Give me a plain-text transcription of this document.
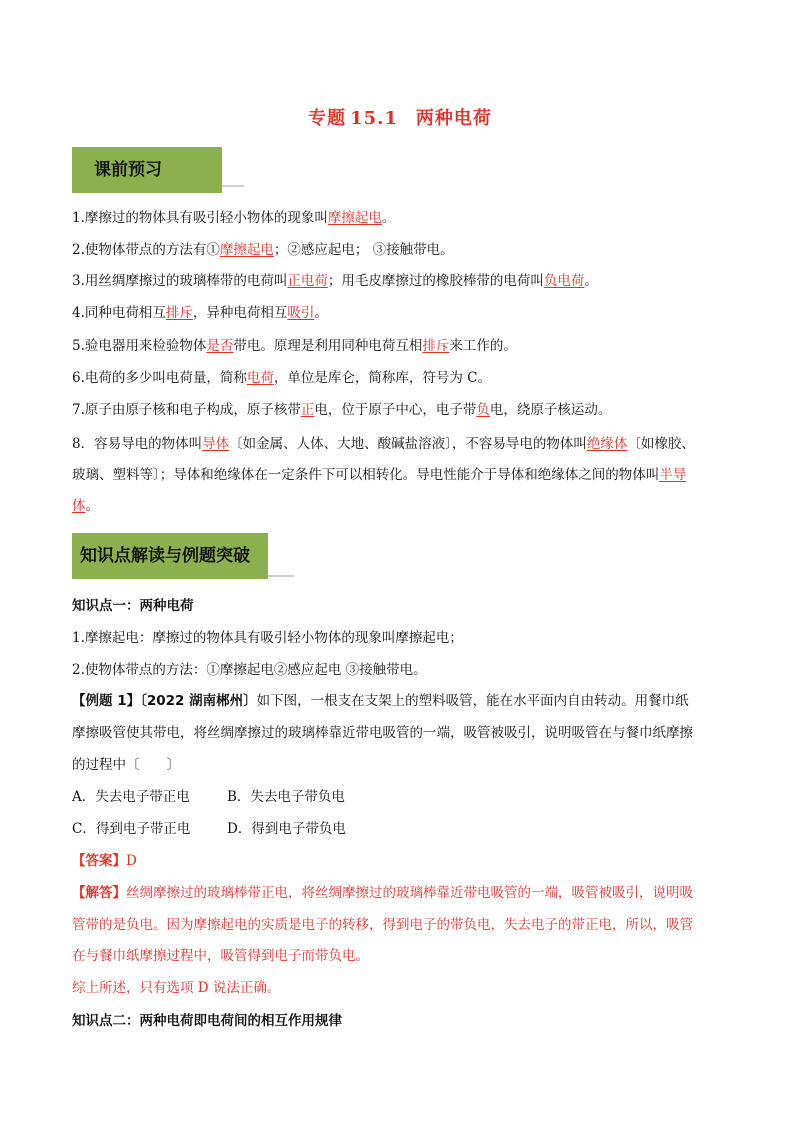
专题 15.1 两种电荷
课前预习
1.摩擦过的物体具有吸引轻小物体的现象叫摩擦起电。
2.使物体带点的方法有①摩擦起电；②感应起电； ③接触带电。
3.用丝绸摩擦过的玻璃棒带的电荷叫正电荷；用毛皮摩擦过的橡胶棒带的电荷叫负电荷。
4.同种电荷相互排斥，异种电荷相互吸引。
5.验电器用来检验物体是否带电。原理是利用同种电荷互相排斥来工作的。
6.电荷的多少叫电荷量，简称电荷，单位是库仑，简称库，符号为 C。
7.原子由原子核和电子构成，原子核带正电，位于原子中心，电子带负电，绕原子核运动。
8．容易导电的物体叫导体〔如金属、人体、大地、酸碱盐溶液〕，不容易导电的物体叫绝缘体〔如橡胶、
玻璃、塑料等〕；导体和绝缘体在一定条件下可以相转化。导电性能介于导体和绝缘体之间的物体叫半导
体。
知识点解读与例题突破
知识点一：两种电荷
1.摩擦起电：摩擦过的物体具有吸引轻小物体的现象叫摩擦起电；
2.使物体带点的方法：①摩擦起电②感应起电 ③接触带电。
【例题 1】〔2022 湖南郴州〕如下图，一根支在支架上的塑料吸管，能在水平面内自由转动。用餐巾纸
摩擦吸管使其带电，将丝绸摩擦过的玻璃棒靠近带电吸管的一端，吸管被吸引，说明吸管在与餐巾纸摩擦
的过程中〔　　〕
A．失去电子带正电	B．失去电子带负电
C．得到电子带正电	D．得到电子带负电
【答案】D
【解答】丝绸摩擦过的玻璃棒带正电，将丝绸摩擦过的玻璃棒靠近带电吸管的一端，吸管被吸引，说明吸
管带的是负电。因为摩擦起电的实质是电子的转移，得到电子的带负电，失去电子的带正电，所以，吸管
在与餐巾纸摩擦过程中，吸管得到电子而带负电。
综上所述，只有选项 D 说法正确。
知识点二：两种电荷即电荷间的相互作用规律
